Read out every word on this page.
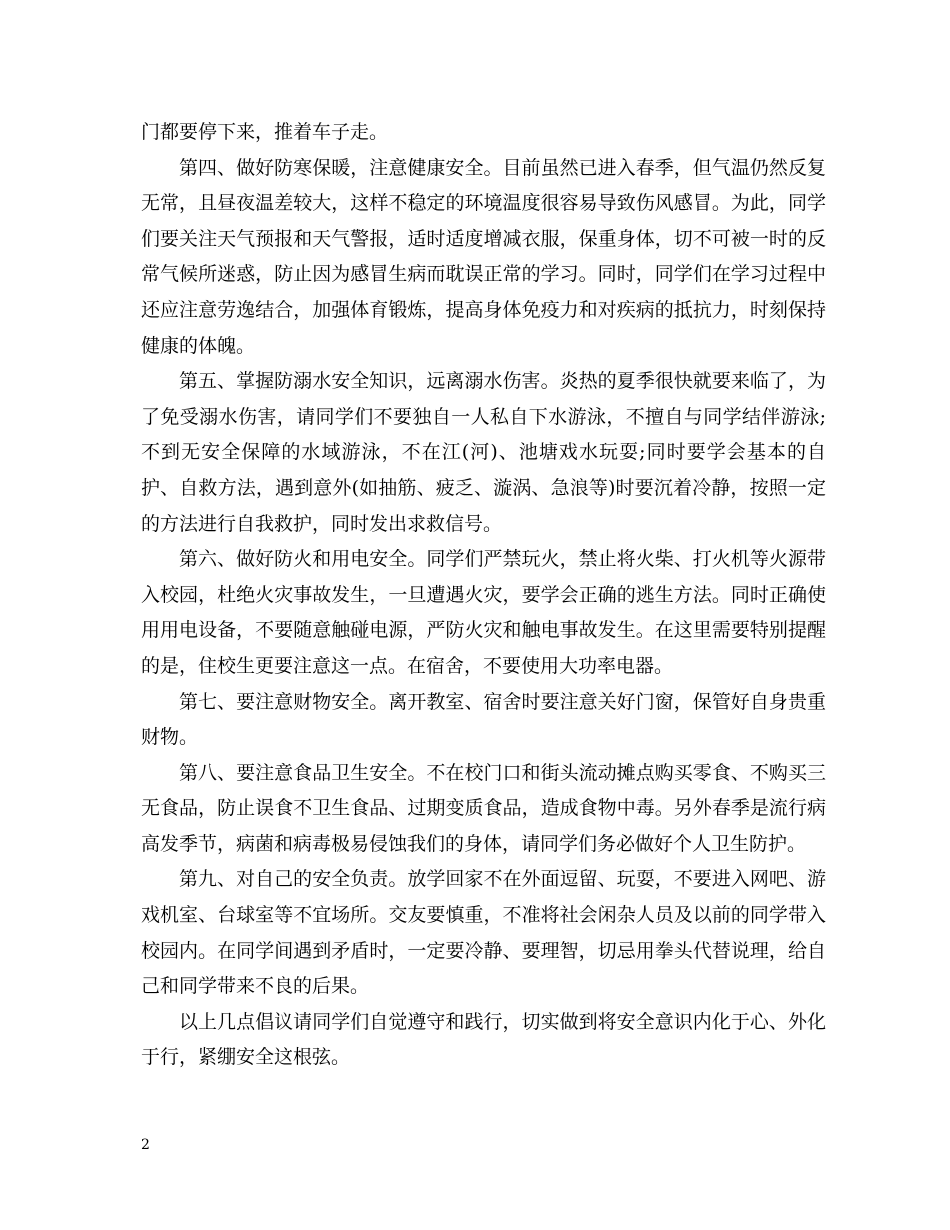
门都要停下来，推着车子走。

第四、做好防寒保暖，注意健康安全。目前虽然已进入春季，但气温仍然反复无常，且昼夜温差较大，这样不稳定的环境温度很容易导致伤风感冒。为此，同学们要关注天气预报和天气警报，适时适度增减衣服，保重身体，切不可被一时的反常气候所迷惑，防止因为感冒生病而耽误正常的学习。同时，同学们在学习过程中还应注意劳逸结合，加强体育锻炼，提高身体免疫力和对疾病的抵抗力，时刻保持健康的体魄。

第五、掌握防溺水安全知识，远离溺水伤害。炎热的夏季很快就要来临了，为了免受溺水伤害，请同学们不要独自一人私自下水游泳，不擅自与同学结伴游泳;不到无安全保障的水域游泳，不在江(河)、池塘戏水玩耍;同时要学会基本的自护、自救方法，遇到意外(如抽筋、疲乏、漩涡、急浪等)时要沉着冷静，按照一定的方法进行自我救护，同时发出求救信号。

第六、做好防火和用电安全。同学们严禁玩火，禁止将火柴、打火机等火源带入校园，杜绝火灾事故发生，一旦遭遇火灾，要学会正确的逃生方法。同时正确使用用电设备，不要随意触碰电源，严防火灾和触电事故发生。在这里需要特别提醒的是，住校生更要注意这一点。在宿舍，不要使用大功率电器。

第七、要注意财物安全。离开教室、宿舍时要注意关好门窗，保管好自身贵重财物。

第八、要注意食品卫生安全。不在校门口和街头流动摊点购买零食、不购买三无食品，防止误食不卫生食品、过期变质食品，造成食物中毒。另外春季是流行病高发季节，病菌和病毒极易侵蚀我们的身体，请同学们务必做好个人卫生防护。

第九、对自己的安全负责。放学回家不在外面逗留、玩耍，不要进入网吧、游戏机室、台球室等不宜场所。交友要慎重，不准将社会闲杂人员及以前的同学带入校园内。在同学间遇到矛盾时，一定要冷静、要理智，切忌用拳头代替说理，给自己和同学带来不良的后果。

以上几点倡议请同学们自觉遵守和践行，切实做到将安全意识内化于心、外化于行，紧绷安全这根弦。

2
